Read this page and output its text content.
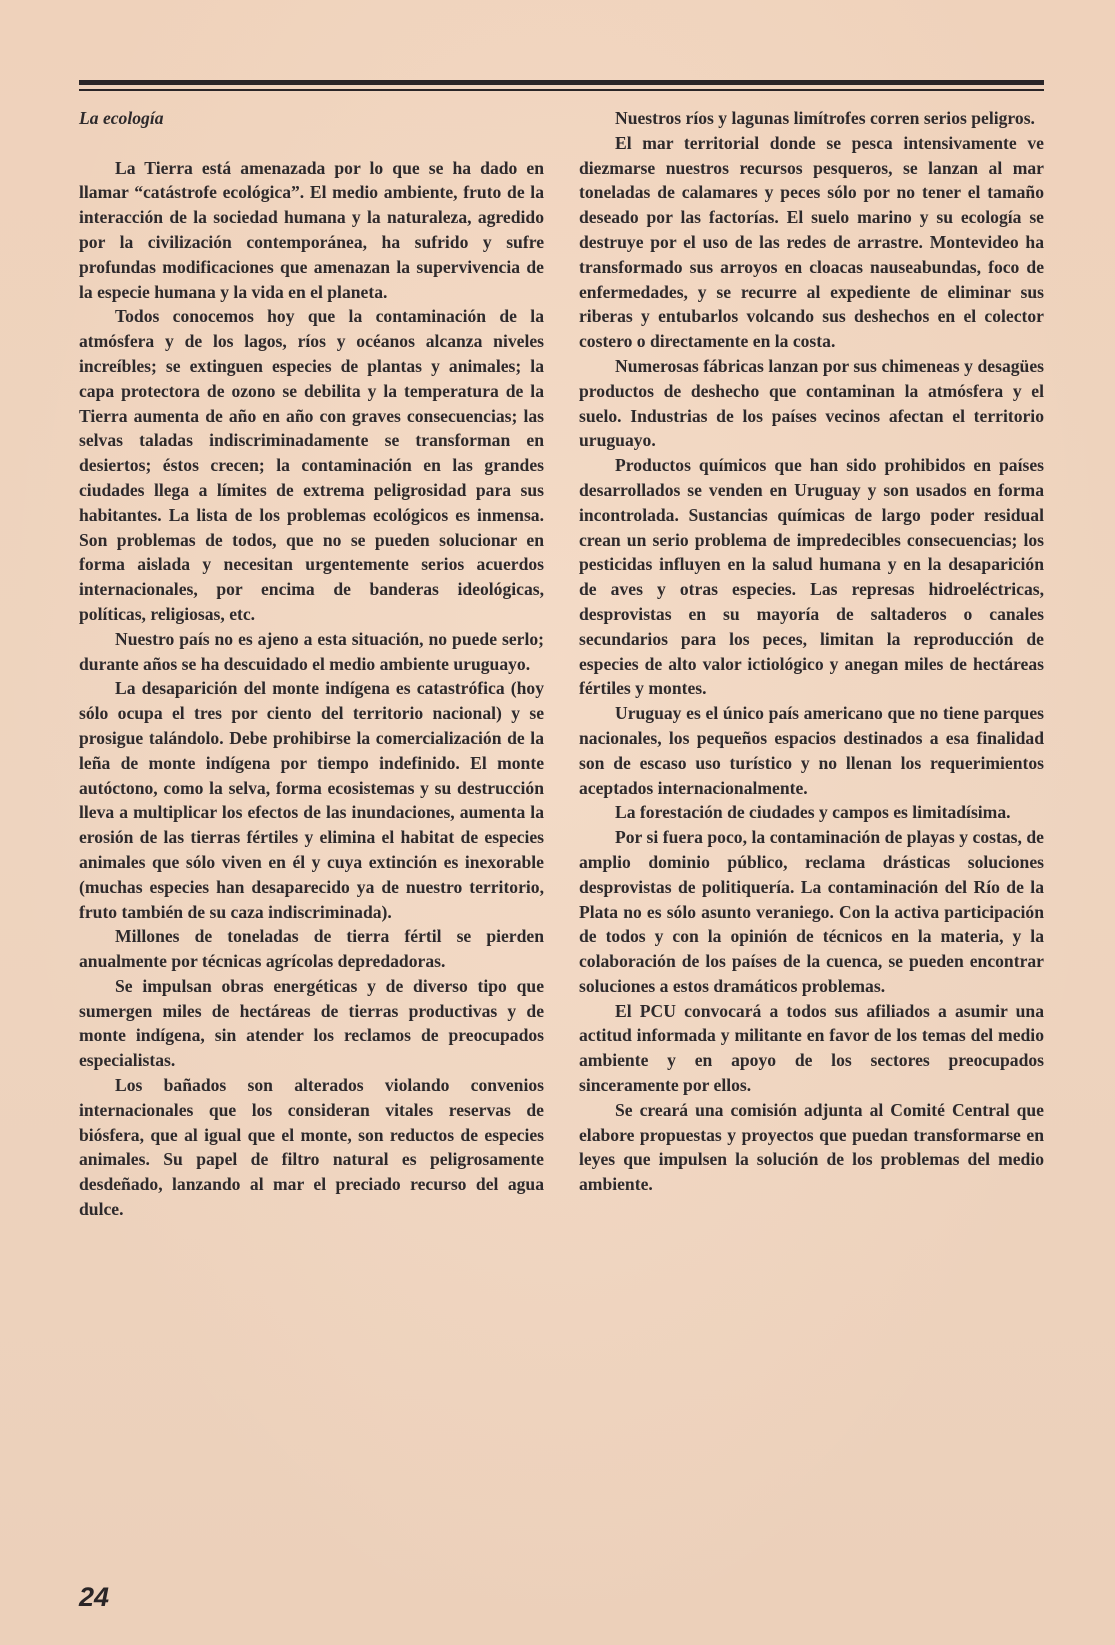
La ecología

La Tierra está amenazada por lo que se ha dado en llamar “catástrofe ecológica”. El medio ambiente, fruto de la interacción de la sociedad humana y la naturaleza, agredido por la civilización contemporánea, ha sufrido y sufre profundas modificaciones que amenazan la supervivencia de la especie humana y la vida en el planeta.

Todos conocemos hoy que la contaminación de la atmósfera y de los lagos, ríos y océanos alcanza niveles increíbles; se extinguen especies de plantas y animales; la capa protectora de ozono se debilita y la temperatura de la Tierra aumenta de año en año con graves consecuencias; las selvas taladas indiscriminadamente se transforman en desiertos; éstos crecen; la contaminación en las grandes ciudades llega a límites de extrema peligrosidad para sus habitantes. La lista de los problemas ecológicos es inmensa. Son problemas de todos, que no se pueden solucionar en forma aislada y necesitan urgentemente serios acuerdos internacionales, por encima de banderas ideológicas, políticas, religiosas, etc.

Nuestro país no es ajeno a esta situación, no puede serlo; durante años se ha descuidado el medio ambiente uruguayo.

La desaparición del monte indígena es catastrófica (hoy sólo ocupa el tres por ciento del territorio nacional) y se prosigue talándolo. Debe prohibirse la comercialización de la leña de monte indígena por tiempo indefinido. El monte autóctono, como la selva, forma ecosistemas y su destrucción lleva a multiplicar los efectos de las inundaciones, aumenta la erosión de las tierras fértiles y elimina el habitat de especies animales que sólo viven en él y cuya extinción es inexorable (muchas especies han desaparecido ya de nuestro territorio, fruto también de su caza indiscriminada).

Millones de toneladas de tierra fértil se pierden anualmente por técnicas agrícolas depredadoras.

Se impulsan obras energéticas y de diverso tipo que sumergen miles de hectáreas de tierras productivas y de monte indígena, sin atender los reclamos de preocupados especialistas.

Los bañados son alterados violando convenios internacionales que los consideran vitales reservas de biósfera, que al igual que el monte, son reductos de especies animales. Su papel de filtro natural es peligrosamente desdeñado, lanzando al mar el preciado recurso del agua dulce.

Nuestros ríos y lagunas limítrofes corren serios peligros.

El mar territorial donde se pesca intensivamente ve diezmarse nuestros recursos pesqueros, se lanzan al mar toneladas de calamares y peces sólo por no tener el tamaño deseado por las factorías. El suelo marino y su ecología se destruye por el uso de las redes de arrastre. Montevideo ha transformado sus arroyos en cloacas nauseabundas, foco de enfermedades, y se recurre al expediente de eliminar sus riberas y entubarlos volcando sus deshechos en el colector costero o directamente en la costa.

Numerosas fábricas lanzan por sus chimeneas y desagües productos de deshecho que contaminan la atmósfera y el suelo. Industrias de los países vecinos afectan el territorio uruguayo.

Productos químicos que han sido prohibidos en países desarrollados se venden en Uruguay y son usados en forma incontrolada. Sustancias químicas de largo poder residual crean un serio problema de impredecibles consecuencias; los pesticidas influyen en la salud humana y en la desaparición de aves y otras especies. Las represas hidroeléctricas, desprovistas en su mayoría de saltaderos o canales secundarios para los peces, limitan la reproducción de especies de alto valor ictiológico y anegan miles de hectáreas fértiles y montes.

Uruguay es el único país americano que no tiene parques nacionales, los pequeños espacios destinados a esa finalidad son de escaso uso turístico y no llenan los requerimientos aceptados internacionalmente.

La forestación de ciudades y campos es limitadísima.

Por si fuera poco, la contaminación de playas y costas, de amplio dominio público, reclama drásticas soluciones desprovistas de politiquería. La contaminación del Río de la Plata no es sólo asunto veraniego. Con la activa participación de todos y con la opinión de técnicos en la materia, y la colaboración de los países de la cuenca, se pueden encontrar soluciones a estos dramáticos problemas.

El PCU convocará a todos sus afiliados a asumir una actitud informada y militante en favor de los temas del medio ambiente y en apoyo de los sectores preocupados sinceramente por ellos.

Se creará una comisión adjunta al Comité Central que elabore propuestas y proyectos que puedan transformarse en leyes que impulsen la solución de los problemas del medio ambiente.

24
